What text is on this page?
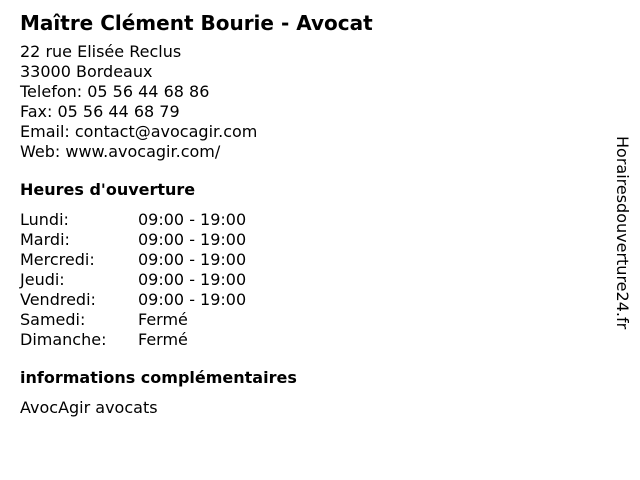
Maître Clément Bourie - Avocat
22 rue Elisée Reclus
33000 Bordeaux
Telefon: 05 56 44 68 86
Fax: 05 56 44 68 79
Email: contact@avocagir.com
Web: www.avocagir.com/
Heures d'ouverture
Lundi:	09:00 - 19:00
Mardi:	09:00 - 19:00
Mercredi:	09:00 - 19:00
Jeudi:	09:00 - 19:00
Vendredi:	09:00 - 19:00
Samedi:	Fermé
Dimanche:	Fermé
informations complémentaires
AvocAgir avocats
Horairesdouverture24.fr
